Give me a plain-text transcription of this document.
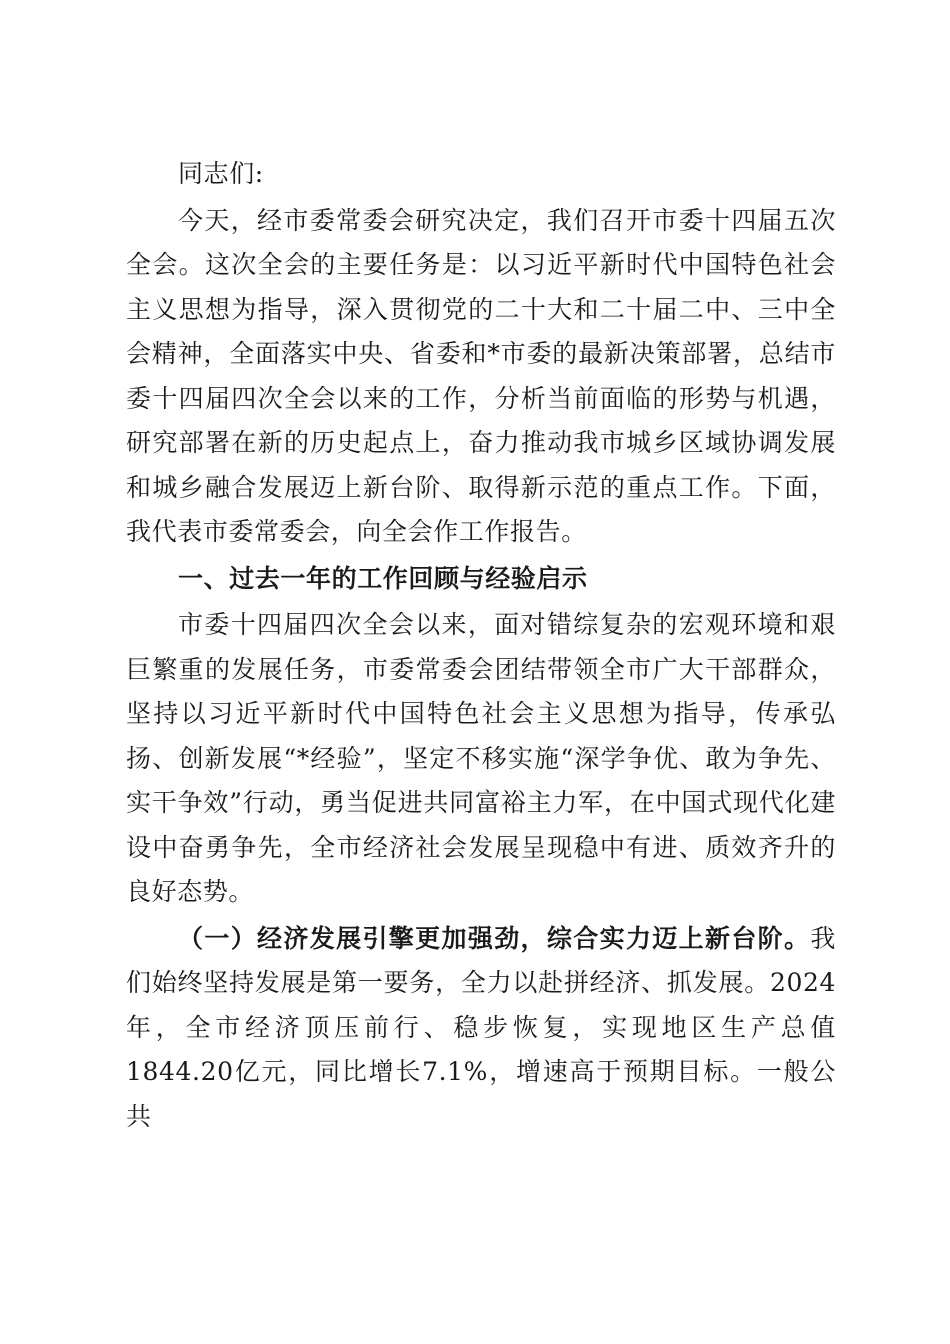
同志们:

今天，经市委常委会研究决定，我们召开市委十四届五次全会。这次全会的主要任务是：以习近平新时代中国特色社会主义思想为指导，深入贯彻党的二十大和二十届二中、三中全会精神，全面落实中央、省委和*市委的最新决策部署，总结市委十四届四次全会以来的工作，分析当前面临的形势与机遇，研究部署在新的历史起点上，奋力推动我市城乡区域协调发展和城乡融合发展迈上新台阶、取得新示范的重点工作。下面，我代表市委常委会，向全会作工作报告。

一、过去一年的工作回顾与经验启示

市委十四届四次全会以来，面对错综复杂的宏观环境和艰巨繁重的发展任务，市委常委会团结带领全市广大干部群众，坚持以习近平新时代中国特色社会主义思想为指导，传承弘扬、创新发展“*经验”，坚定不移实施“深学争优、敢为争先、实干争效”行动，勇当促进共同富裕主力军，在中国式现代化建设中奋勇争先，全市经济社会发展呈现稳中有进、质效齐升的良好态势。

（一）经济发展引擎更加强劲，综合实力迈上新台阶。我们始终坚持发展是第一要务，全力以赴拼经济、抓发展。2024年，全市经济顶压前行、稳步恢复，实现地区生产总值1844.20亿元，同比增长7.1%，增速高于预期目标。一般公共
